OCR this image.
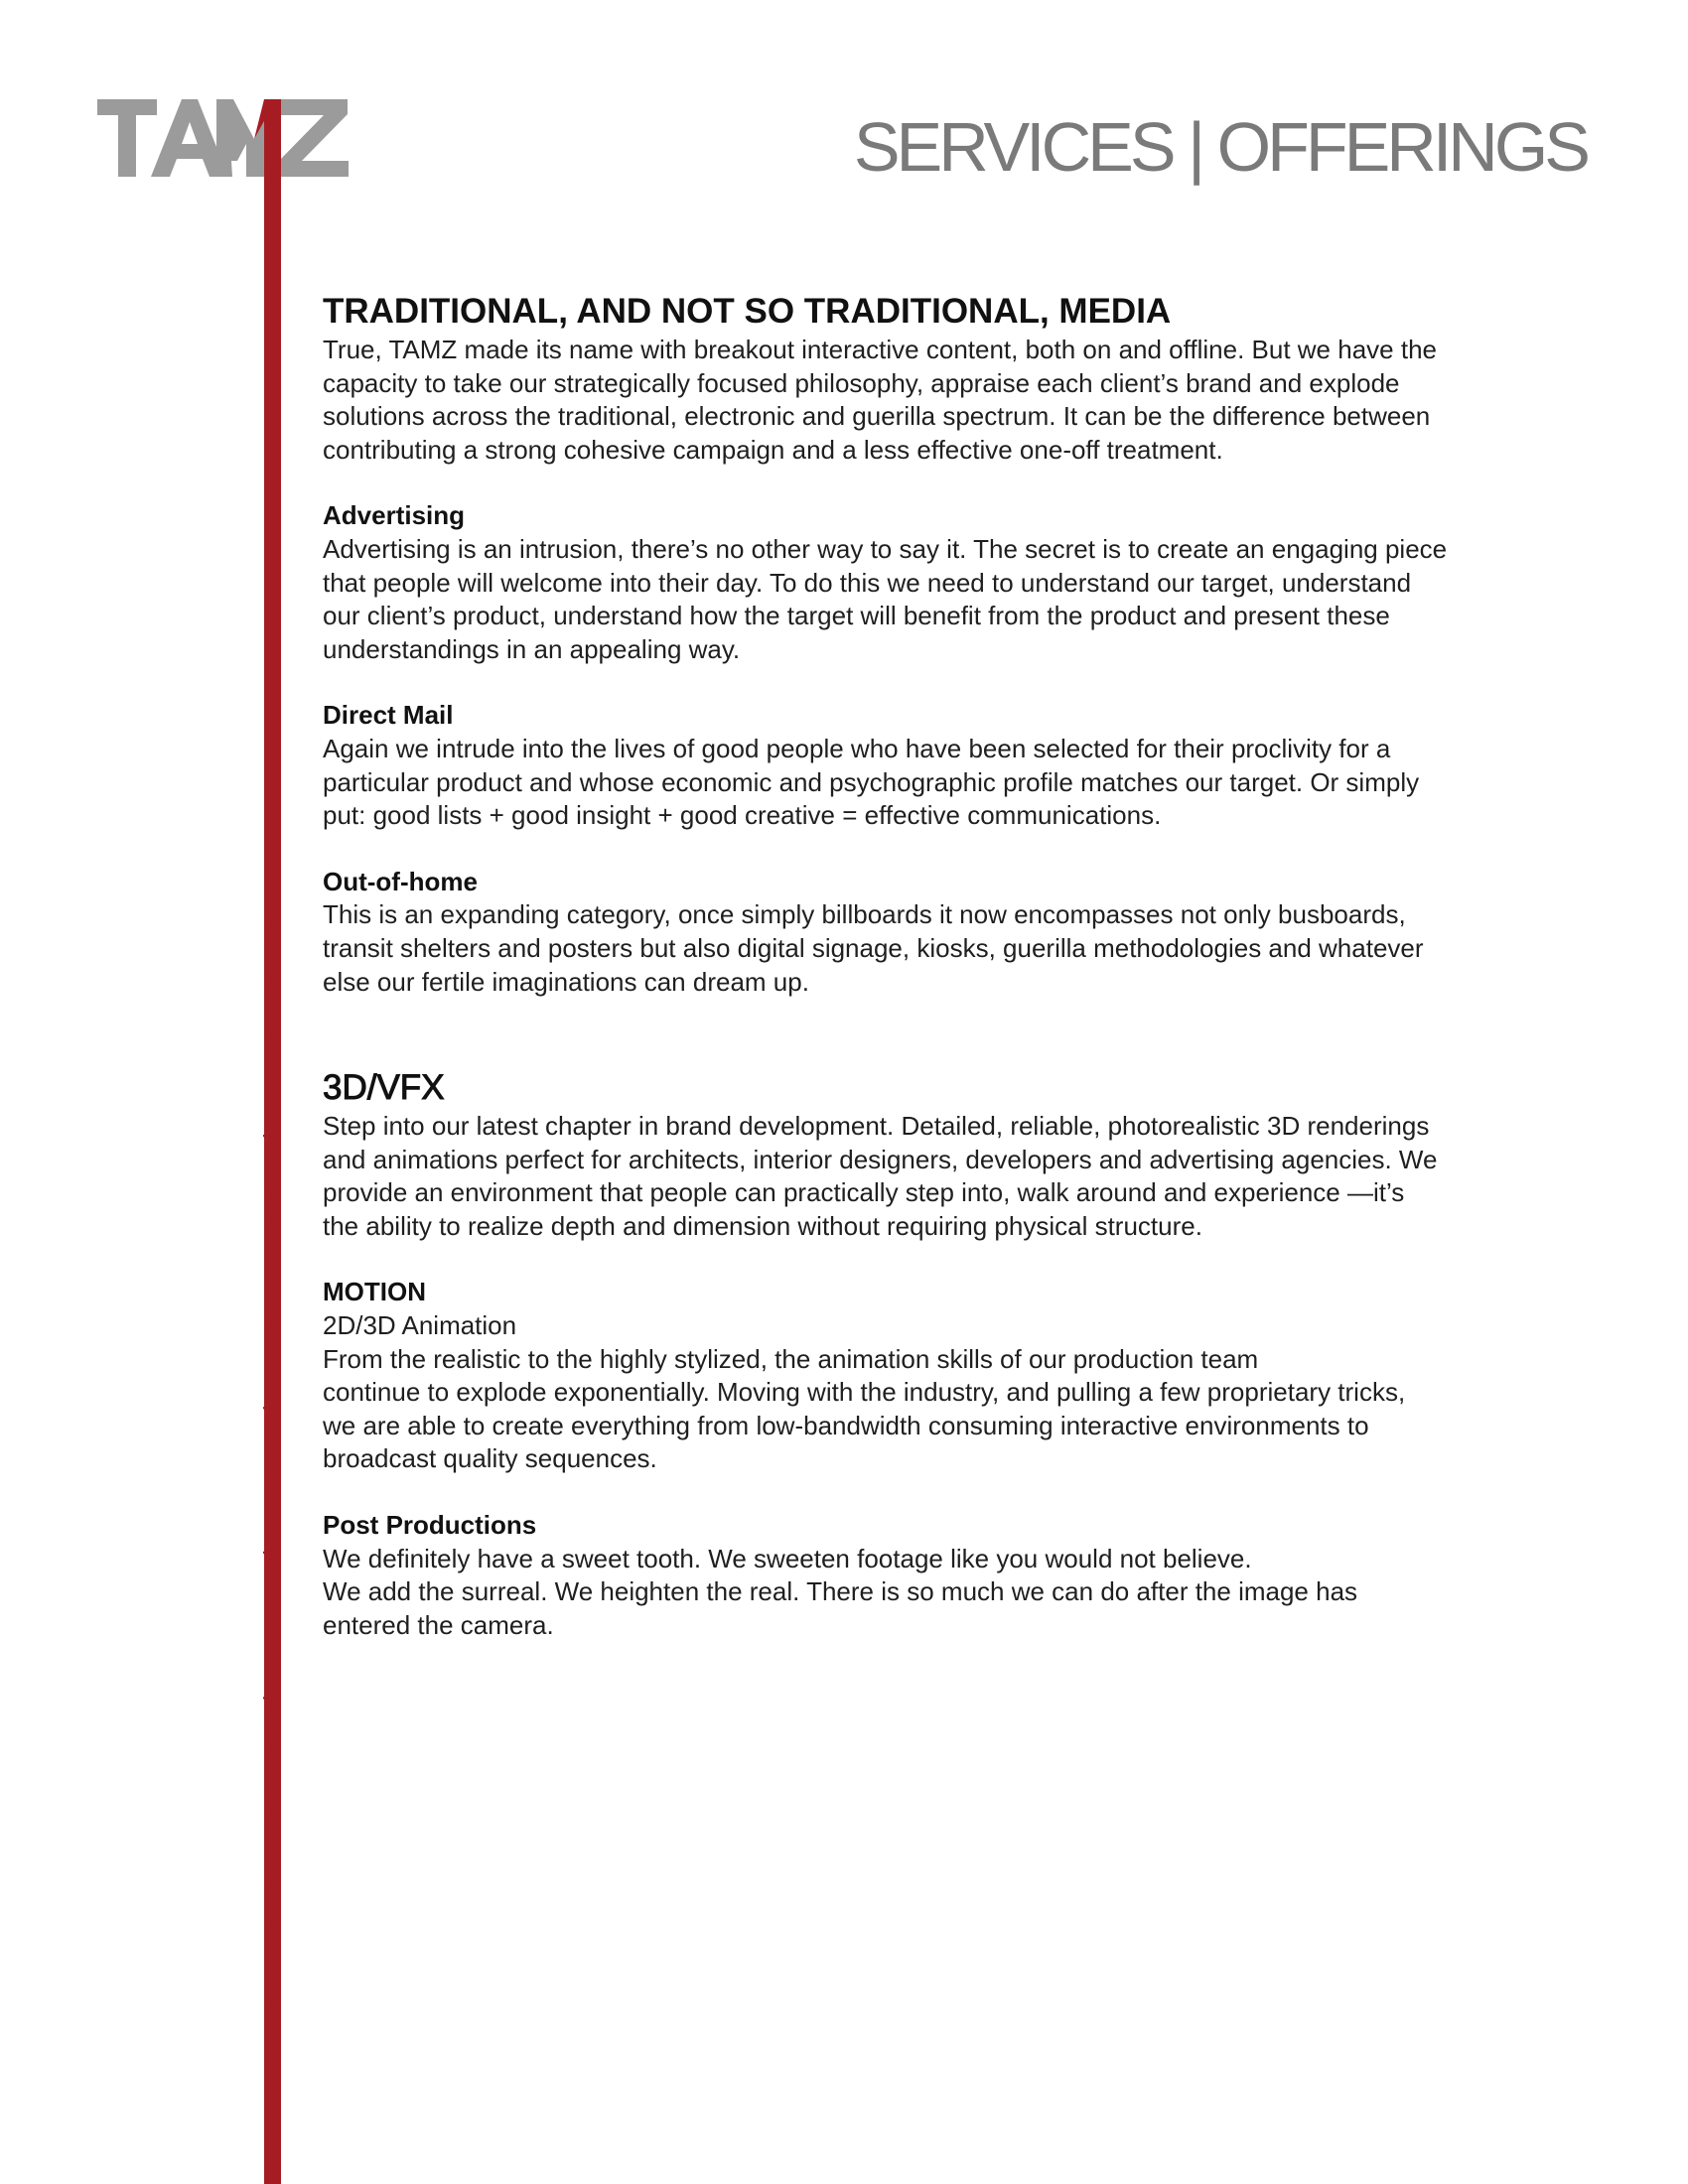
2116 TYLER STREET, HOLLYWOOD, FL 33020 | P: 954.347.8741 | F: 954.920.1790 | MTAMZI@TAMZDESIGNS.COM | WWW.TAMZDESIGNS.COM
SERVICES | OFFERINGS
TRADITIONAL, AND NOT SO TRADITIONAL, MEDIA
True, TAMZ made its name with breakout interactive content, both on and offline. But we have the
capacity to take our strategically focused philosophy, appraise each client’s brand and explode
solutions across the traditional, electronic and guerilla spectrum. It can be the difference between
contributing a strong cohesive campaign and a less effective one-off treatment.
Advertising
Advertising is an intrusion, there’s no other way to say it. The secret is to create an engaging piece
that people will welcome into their day. To do this we need to understand our target, understand
our client’s product, understand how the target will benefit from the product and present these
understandings in an appealing way.
Direct Mail
Again we intrude into the lives of good people who have been selected for their proclivity for a
particular product and whose economic and psychographic profile matches our target. Or simply
put: good lists + good insight + good creative = effective communications.
Out-of-home
This is an expanding category, once simply billboards it now encompasses not only busboards,
transit shelters and posters but also digital signage, kiosks, guerilla methodologies and whatever
else our fertile imaginations can dream up.
3D/VFX
Step into our latest chapter in brand development. Detailed, reliable, photorealistic 3D renderings
and animations perfect for architects, interior designers, developers and advertising agencies. We
provide an environment that people can practically step into, walk around and experience —it’s
the ability to realize depth and dimension without requiring physical structure.
MOTION

2D/3D Animation

From the realistic to the highly stylized, the animation skills of our production team
continue to explode exponentially. Moving with the industry, and pulling a few proprietary tricks,
we are able to create everything from low-bandwidth consuming interactive environments to
broadcast quality sequences.
Post Productions
We definitely have a sweet tooth. We sweeten footage like you would not believe.
We add the surreal. We heighten the real. There is so much we can do after the image has
entered the camera.
